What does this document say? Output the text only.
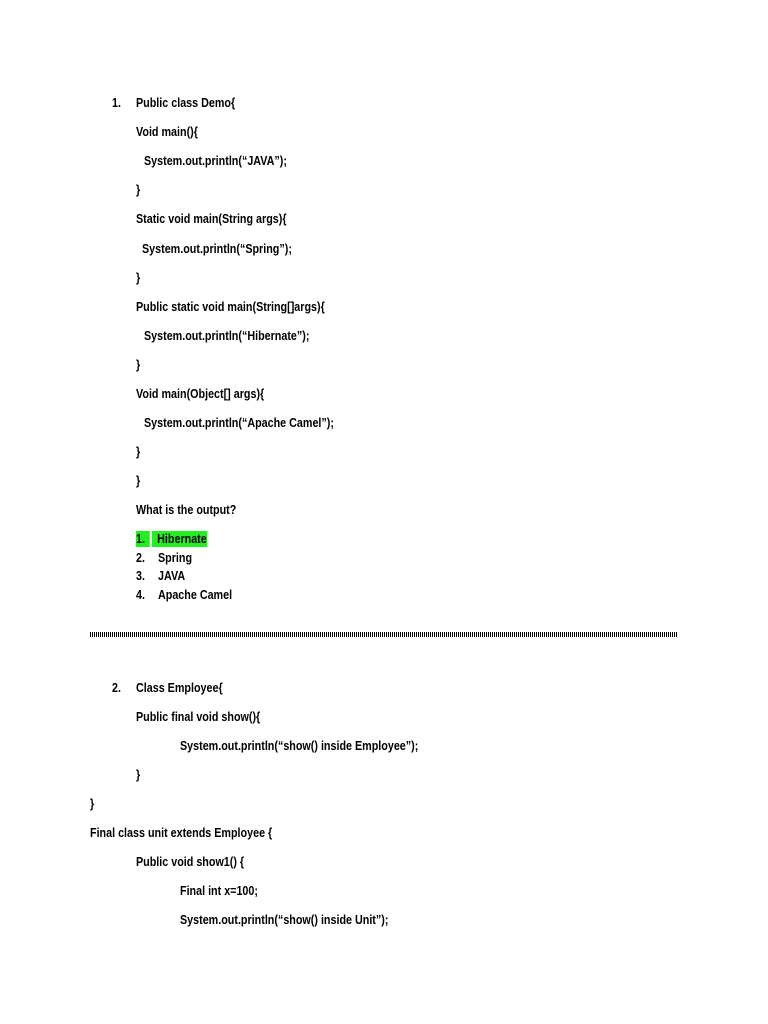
1. Public class Demo{
Void main(){
System.out.println(“JAVA”);
}
Static void main(String args){
System.out.println(“Spring”);
}
Public static void main(String[]args){
System.out.println(“Hibernate”);
}
Void main(Object[] args){
System.out.println(“Apache Camel”);
}
}
What is the output?
1. Hibernate
2. Spring
3. JAVA
4. Apache Camel
2. Class Employee{
Public final void show(){
System.out.println(“show() inside Employee”);
}
}
Final class unit extends Employee {
Public void show1() {
Final int x=100;
System.out.println(“show() inside Unit”);
